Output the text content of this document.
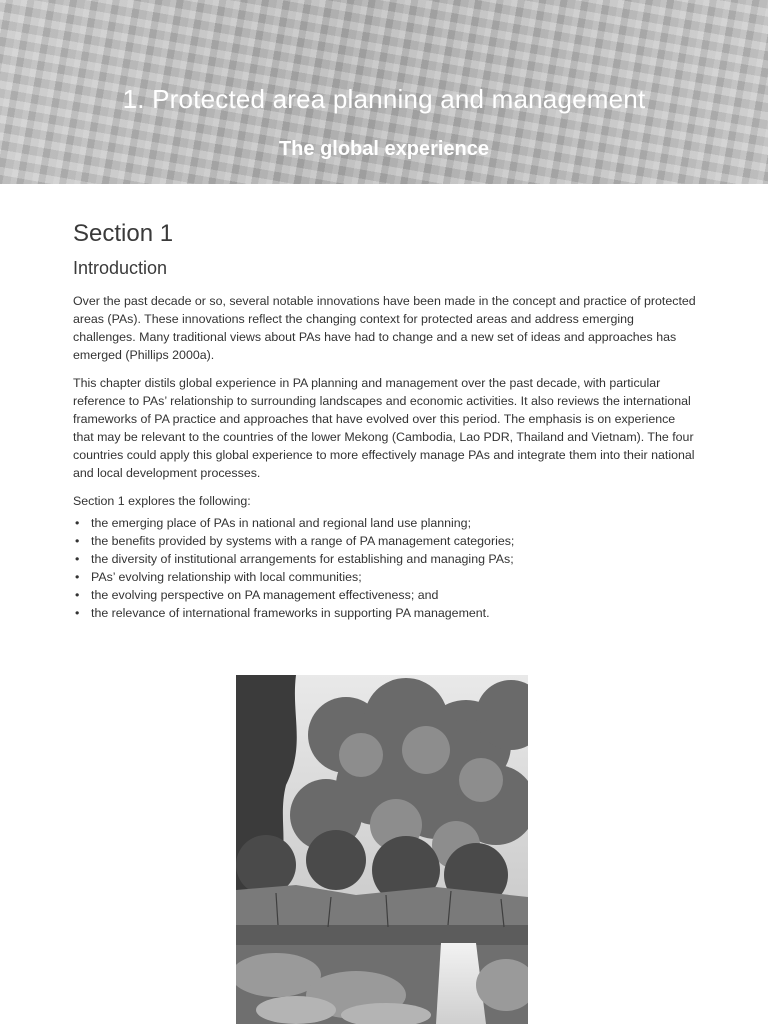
1. Protected area planning and management
The global experience
Section 1
Introduction

Over the past decade or so, several notable innovations have been made in the concept and practice of protected areas (PAs). These innovations reflect the changing context for protected areas and address emerging challenges. Many traditional views about PAs have had to change and a new set of ideas and approaches has emerged (Phillips 2000a).

This chapter distils global experience in PA planning and management over the past decade, with particular reference to PAs’ relationship to surrounding landscapes and economic activities. It also reviews the international frameworks of PA practice and approaches that have evolved over this period. The emphasis is on experience that may be relevant to the countries of the lower Mekong (Cambodia, Lao PDR, Thailand and Vietnam). The four countries could apply this global experience to more effectively manage PAs and integrate them into their national and local development processes.

Section 1 explores the following:

• the emerging place of PAs in national and regional land use planning;
• the benefits provided by systems with a range of PA management categories;
• the diversity of institutional arrangements for establishing and managing PAs;
• PAs’ evolving relationship with local communities;
• the evolving perspective on PA management effectiveness; and
• the relevance of international frameworks in supporting PA management.
